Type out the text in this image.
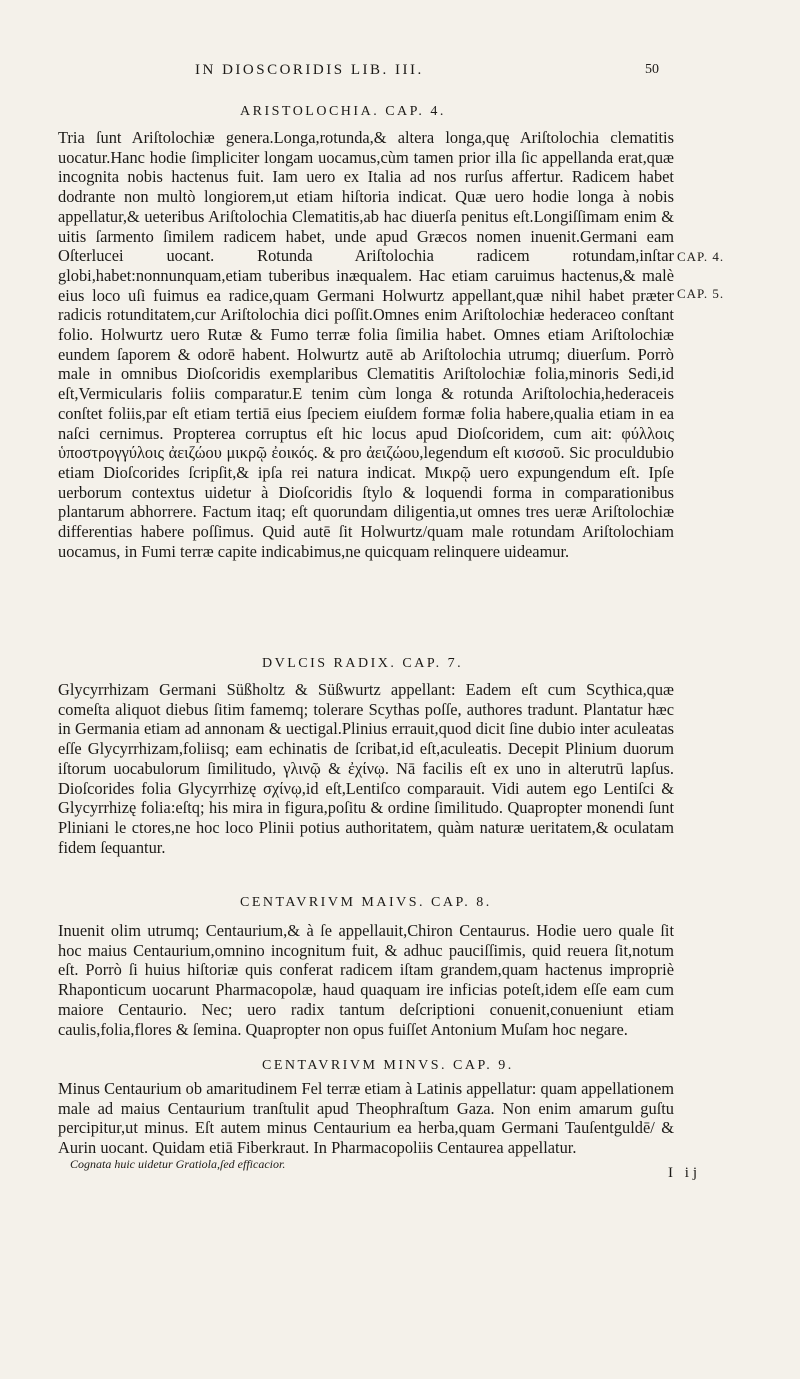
IN DIOSCORIDIS LIB. III.	50
ARISTOLOCHIA. CAP. 4.

Tria ſunt Ariſtolochiæ genera.Longa,rotunda,& altera longa,quę Ariſtolochia clematitis uocatur.Hanc hodie ſimpliciter longam uocamus,cùm tamen prior illa ſic appellanda erat,quæ incognita nobis hactenus fuit. Iam uero ex Italia ad nos rurſus affertur. Radicem habet dodrante non multò longiorem,ut etiam hiſtoria indicat. Quæ uero hodie longa à nobis appellatur,& ueteribus Ariſtolochia Clematitis,ab hac diuerſa penitus eſt.Longiſſimam enim & uitis ſarmento ſimilem radicem habet, unde apud Græcos nomen inuenit.Germani eam Oſterlucei uocant. Rotunda Ariſtolochia radicem rotundam,inſtar globi,habet:nonnunquam,etiam tuberibus inæqualem. Hac etiam caruimus hactenus,& malè eius loco uſi fuimus ea radice,quam Germani Holwurtz appellant,quæ nihil habet præter radicis rotunditatem,cur Ariſtolochia dici poſſit.Omnes enim Ariſtolochiæ hederaceo conſtant folio. Holwurtz uero Rutæ & Fumo terræ folia ſimilia habet. Omnes etiam Ariſtolochiæ eundem ſaporem & odorē habent. Holwurtz autē ab Ariſtolochia utrumq; diuerſum. Porrò male in omnibus Dioſcoridis exemplaribus Clematitis Ariſtolochiæ folia,minoris Sedi,id eſt,Vermicularis foliis comparatur.E tenim cùm longa & rotunda Ariſtolochia,hederaceis conſtet foliis,par eſt etiam tertiā eius ſpeciem eiuſdem formæ folia habere,qualia etiam in ea naſci cernimus. Propterea corruptus eſt hic locus apud Dioſcoridem, cum ait: φύλλοις ὑποστρογγύλοις ἀειζώου μικρῷ ἐοικός. & pro ἀειζώου,legendum eſt κισσοῦ. Sic proculdubio etiam Dioſcorides ſcripſit,& ipſa rei natura indicat. Μικρῷ uero expungendum eſt. Ipſe uerborum contextus uidetur à Dioſcoridis ſtylo & loquendi forma in comparationibus plantarum abhorrere. Factum itaq; eſt quorundam diligentia,ut omnes tres ueræ Ariſtolochiæ differentias habere poſſimus. Quid autē ſit Holwurtz/quam male rotundam Ariſtolochiam uocamus, in Fumi terræ capite indicabimus,ne quicquam relinquere uideamur.

CAP. 4.
CAP. 5.
DVLCIS RADIX. CAP. 7.

Glycyrrhizam Germani Süßholtz & Süßwurtz appellant: Eadem eſt cum Scythica,quæ comeſta aliquot diebus ſitim famemq; tolerare Scythas poſſe, authores tradunt. Plantatur hæc in Germania etiam ad annonam & uectigal.Plinius errauit,quod dicit ſine dubio inter aculeatas eſſe Glycyrrhizam,foliisq; eam echinatis de ſcribat,id eſt,aculeatis. Decepit Plinium duorum iſtorum uocabulorum ſimilitudo, γλινῷ & ἐχίνῳ. Nā facilis eſt ex uno in alterutrū lapſus. Dioſcorides folia Glycyrrhizę σχίνῳ,id eſt,Lentiſco comparauit. Vidi autem ego Lentiſci & Glycyrrhizę folia:eſtq; his mira in figura,poſitu & ordine ſimilitudo. Quapropter monendi ſunt Pliniani le ctores,ne hoc loco Plinii potius authoritatem, quàm naturæ ueritatem,& oculatam fidem ſequantur.

CENTAVRIVM MAIVS. CAP. 8.

Inuenit olim utrumq; Centaurium,& à ſe appellauit,Chiron Centaurus. Hodie uero quale ſit hoc maius Centaurium,omnino incognitum fuit, & adhuc pauciſſimis, quid reuera ſit,notum eſt. Porrò ſi huius hiſtoriæ quis conferat radicem iſtam grandem,quam hactenus impropriè Rhaponticum uocarunt Pharmacopolæ, haud quaquam ire inficias poteſt,idem eſſe eam cum maiore Centaurio. Nec; uero radix tantum deſcriptioni conuenit,conueniunt etiam caulis,folia,flores & ſemina. Quapropter non opus fuiſſet Antonium Muſam hoc negare.

CENTAVRIVM MINVS. CAP. 9.

Minus Centaurium ob amaritudinem Fel terræ etiam à Latinis appellatur: quam appellationem male ad maius Centaurium tranſtulit apud Theophraſtum Gaza. Non enim amarum guſtu percipitur,ut minus. Eſt autem minus Centaurium ea herba,quam Germani Tauſentguldē/ & Aurin uocant. Quidam etiā Fiberkraut. In Pharmacopoliis Centaurea appellatur.

Cognata huic uidetur Gratiola,ſed efficacior.
I ij
